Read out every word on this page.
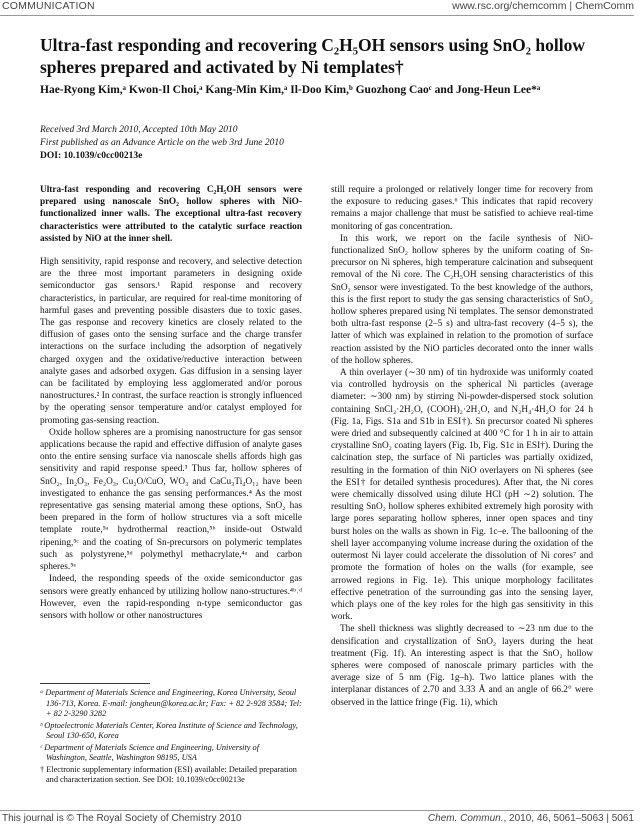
COMMUNICATION	www.rsc.org/chemcomm | ChemComm
Ultra-fast responding and recovering C₂H₅OH sensors using SnO₂ hollow spheres prepared and activated by Ni templates†
Hae-Ryong Kim,ᵃ Kwon-Il Choi,ᵃ Kang-Min Kim,ᵃ Il-Doo Kim,ᵇ Guozhong Caoᶜ and Jong-Heun Lee*ᵃ
Received 3rd March 2010, Accepted 10th May 2010
First published as an Advance Article on the web 3rd June 2010
DOI: 10.1039/c0cc00213e

Ultra-fast responding and recovering C₂H₅OH sensors were prepared using nanoscale SnO₂ hollow spheres with NiO-functionalized inner walls. The exceptional ultra-fast recovery characteristics were attributed to the catalytic surface reaction assisted by NiO at the inner shell.

High sensitivity, rapid response and recovery, and selective detection are the three most important parameters in designing oxide semiconductor gas sensors.¹ Rapid response and recovery characteristics, in particular, are required for real-time monitoring of harmful gases and preventing possible disasters due to toxic gases. The gas response and recovery kinetics are closely related to the diffusion of gases onto the sensing surface and the charge transfer interactions on the surface including the adsorption of negatively charged oxygen and the oxidative/reductive interaction between analyte gases and adsorbed oxygen. Gas diffusion in a sensing layer can be facilitated by employing less agglomerated and/or porous nanostructures.² In contrast, the surface reaction is strongly influenced by the operating sensor temperature and/or catalyst employed for promoting gas-sensing reaction.

Oxide hollow spheres are a promising nanostructure for gas sensor applications because the rapid and effective diffusion of analyte gases onto the entire sensing surface via nanoscale shells affords high gas sensitivity and rapid response speed.³ Thus far, hollow spheres of SnO₂, In₂O₃, Fe₂O₃, Cu₂O/CuO, WO₃ and CaCu₃Ti₄O₁₂ have been investigated to enhance the gas sensing performances.⁴ As the most representative gas sensing material among these options, SnO₂ has been prepared in the form of hollow structures via a soft micelle template route,⁵ᵃ hydrothermal reaction,⁵ᵇ inside-out Ostwald ripening,⁵ᶜ and the coating of Sn-precursors on polymeric templates such as polystyrene,⁵ᵈ polymethyl methacrylate,⁴ᵃ and carbon spheres.⁵ᵉ

Indeed, the responding speeds of the oxide semiconductor gas sensors were greatly enhanced by utilizing hollow nano-structures.⁴ᵇ˒ᵈ However, even the rapid-responding n-type semiconductor gas sensors with hollow or other nanostructures

still require a prolonged or relatively longer time for recovery from the exposure to reducing gases.⁶ This indicates that rapid recovery remains a major challenge that must be satisfied to achieve real-time monitoring of gas concentration.

In this work, we report on the facile synthesis of NiO-functionalized SnO₂ hollow spheres by the uniform coating of Sn-precursor on Ni spheres, high temperature calcination and subsequent removal of the Ni core. The C₂H₅OH sensing characteristics of this SnO₂ sensor were investigated. To the best knowledge of the authors, this is the first report to study the gas sensing characteristics of SnO₂ hollow spheres prepared using Ni templates. The sensor demonstrated both ultra-fast response (2–5 s) and ultra-fast recovery (4–5 s), the latter of which was explained in relation to the promotion of surface reaction assisted by the NiO particles decorated onto the inner walls of the hollow spheres.

A thin overlayer (∼30 nm) of tin hydroxide was uniformly coated via controlled hydroysis on the spherical Ni particles (average diameter: ∼300 nm) by stirring Ni-powder-dispersed stock solution containing SnCl₂·2H₂O, (COOH)₂·2H₂O, and N₂H₄·4H₂O for 24 h (Fig. 1a, Figs. S1a and S1b in ESI†). Sn precursor coated Ni spheres were dried and subsequently calcined at 400 °C for 1 h in air to attain crystalline SnO₂ coating layers (Fig. 1b, Fig. S1c in ESI†). During the calcination step, the surface of Ni particles was partially oxidized, resulting in the formation of thin NiO overlayers on Ni spheres (see the ESI† for detailed synthesis procedures). After that, the Ni cores were chemically dissolved using dilute HCl (pH ∼2) solution. The resulting SnO₂ hollow spheres exhibited extremely high porosity with large pores separating hollow spheres, inner open spaces and tiny burst holes on the walls as shown in Fig. 1c–e. The ballooning of the shell layer accompanying volume increase during the oxidation of the outermost Ni layer could accelerate the dissolution of Ni cores⁷ and promote the formation of holes on the walls (for example, see arrowed regions in Fig. 1e). This unique morphology facilitates effective penetration of the surrounding gas into the sensing layer, which plays one of the key roles for the high gas sensitivity in this work.

The shell thickness was slightly decreased to ∼23 nm due to the densification and crystallization of SnO₂ layers during the heat treatment (Fig. 1f). An interesting aspect is that the SnO₂ hollow spheres were composed of nanoscale primary particles with the average size of 5 nm (Fig. 1g–h). Two lattice planes with the interplanar distances of 2.70 and 3.33 Å and an angle of 66.2° were observed in the lattice fringe (Fig. 1i), which

ᵃ Department of Materials Science and Engineering, Korea University, Seoul 136-713, Korea. E-mail: jongheun@korea.ac.kr; Fax: + 82 2-928 3584; Tel: + 82 2-3290 3282

ᵇ Optoelectronic Materials Center, Korea Institute of Science and Technology, Seoul 130-650, Korea

ᶜ Department of Materials Science and Engineering, University of Washington, Seattle, Washington 98195, USA

† Electronic supplementary information (ESI) available: Detailed preparation and characterization section. See DOI: 10.1039/c0cc00213e

This journal is © The Royal Society of Chemistry 2010	Chem. Commun., 2010, 46, 5061–5063 | 5061
